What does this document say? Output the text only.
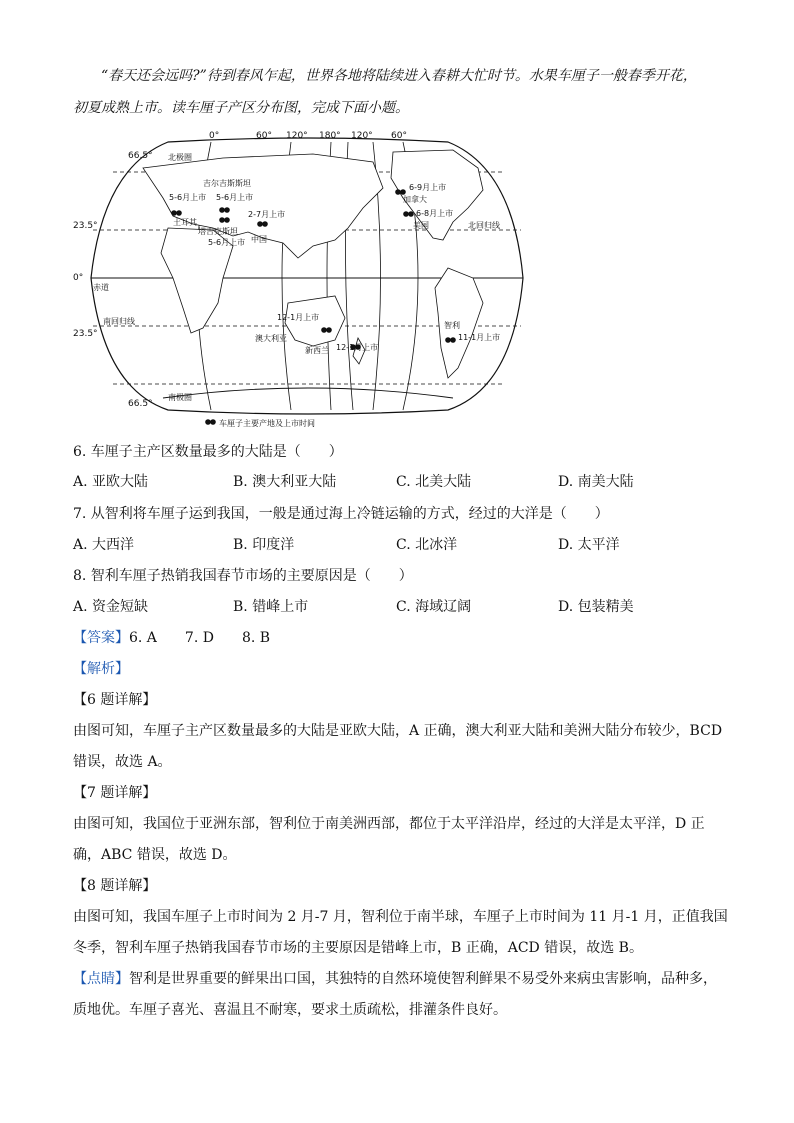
“春天还会远吗?”待到春风乍起，世界各地将陆续进入春耕大忙时节。水果车厘子一般春季开花，
初夏成熟上市。读车厘子产区分布图，完成下面小题。
0°	60° 120° 180° 120° 60°
66.5°
23.5°
0°
23.5°
66.5°
北极圈
赤道
北回归线
南回归线
南极圈
吉尔吉斯斯坦
5-6月上市 5-6月上市
土耳其
塔吉克斯坦
5-6月上市
2-7月上市
中国
6-9月上市
加拿大
6-8月上市
美国
12-1月上市
澳大利亚
新西兰 12-1月上市
智利
11-1月上市
车厘子主要产地及上市时间
6. 车厘子主产区数量最多的大陆是（　　）
A. 亚欧大陆	B. 澳大利亚大陆	C. 北美大陆	D. 南美大陆
7. 从智利将车厘子运到我国，一般是通过海上冷链运输的方式，经过的大洋是（　　）
A. 大西洋	B. 印度洋	C. 北冰洋	D. 太平洋
8. 智利车厘子热销我国春节市场的主要原因是（　　）
A. 资金短缺	B. 错峰上市	C. 海域辽阔	D. 包装精美
【答案】6. A　　7. D　　8. B
【解析】
【6 题详解】
由图可知，车厘子主产区数量最多的大陆是亚欧大陆，A 正确，澳大利亚大陆和美洲大陆分布较少，BCD
错误，故选 A。
【7 题详解】
由图可知，我国位于亚洲东部，智利位于南美洲西部，都位于太平洋沿岸，经过的大洋是太平洋，D 正
确，ABC 错误，故选 D。
【8 题详解】
由图可知，我国车厘子上市时间为 2 月-7 月，智利位于南半球，车厘子上市时间为 11 月-1 月，正值我国
冬季，智利车厘子热销我国春节市场的主要原因是错峰上市，B 正确，ACD 错误，故选 B。
【点睛】智利是世界重要的鲜果出口国，其独特的自然环境使智利鲜果不易受外来病虫害影响，品种多，
质地优。车厘子喜光、喜温且不耐寒，要求土质疏松，排灌条件良好。
